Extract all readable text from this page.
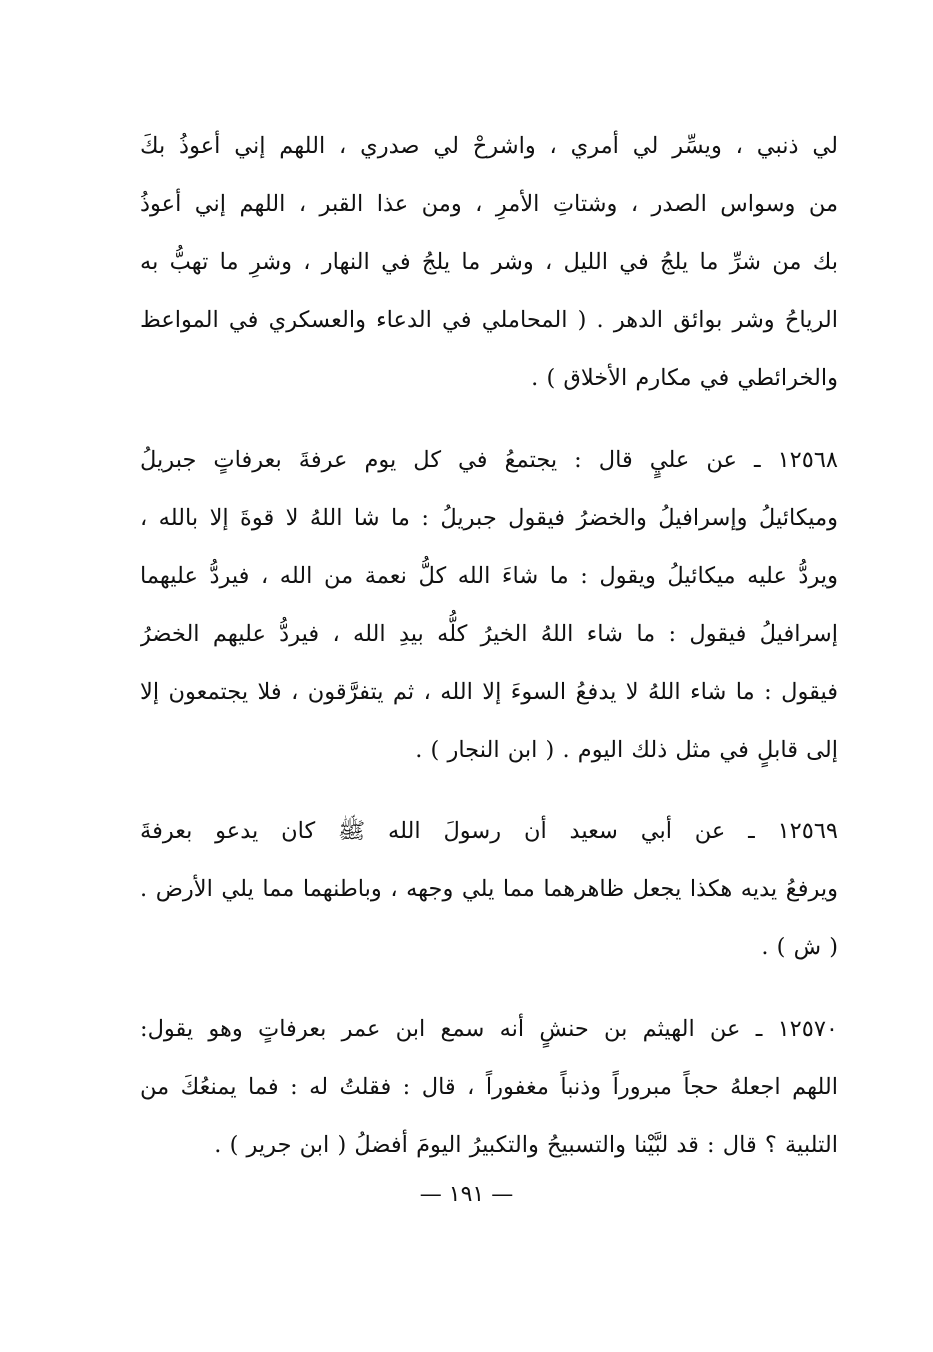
لي ذنبي ، ويسِّر لي أمري ، واشرحْ لي صدري ، اللهم إني أعوذُ بكَ
من وسواس الصدر ، وشتاتِ الأمرِ ، ومن عذا القبر ، اللهم إني أعوذُ
بك من شرِّ ما يلجُ في الليل ، وشر ما يلجُ في النهار ، وشرِ ما تهبُّ به
الرياحُ وشر بوائق الدهر . ( المحاملي في الدعاء والعسكري في المواعظ
والخرائطي في مكارم الأخلاق ) .
١٢٥٦٨ ـ عن عليٍ قال : يجتمعُ في كل يوم عرفةَ بعرفاتٍ جبريلُ
وميكائيلُ وإسرافيلُ والخضرُ فيقول جبريلُ : ما شا اللهُ لا قوةَ إلا بالله ،
ويردُّ عليه ميكائيلُ ويقول : ما شاءَ الله كلُّ نعمة من الله ، فيردُّ عليهما
إسرافيلُ فيقول : ما شاء اللهُ الخيرُ كلُّه بيدِ الله ، فيردُّ عليهم الخضرُ
فيقول : ما شاء اللهُ لا يدفعُ السوءَ إلا الله ، ثم يتفرَّقون ، فلا يجتمعون إلا
إلى قابلٍ في مثل ذلك اليوم . ( ابن النجار ) .
١٢٥٦٩ ـ عن أبي سعيد أن رسولَ الله ﷺ كان يدعو بعرفةَ
ويرفعُ يديه هكذا يجعل ظاهرهما مما يلي وجهه ، وباطنهما مما يلي الأرض .
( ش ) .
١٢٥٧٠ ـ عن الهيثم بن حنشٍ أنه سمع ابن عمر بعرفاتٍ وهو يقول:
اللهم اجعلهُ حجاً مبروراً وذنباً مغفوراً ، قال : فقلتُ له : فما يمنعُكَ من
التلبية ؟ قال : قد لبَّيْنا والتسبيحُ والتكبيرُ اليومَ أفضلُ ( ابن جرير ) .
— ١٩١ —
